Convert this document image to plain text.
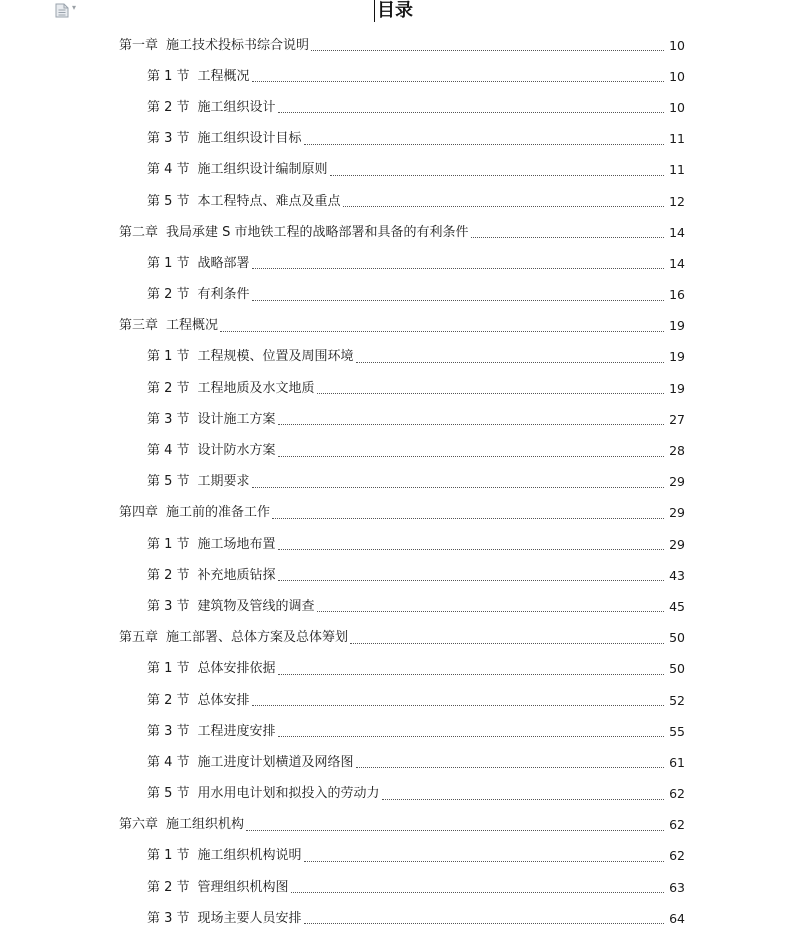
▾	目录
第一章 施工技术投标书综合说明	10
第 1 节 工程概况	10
第 2 节 施工组织设计	10
第 3 节 施工组织设计目标	11
第 4 节 施工组织设计编制原则	11
第 5 节 本工程特点、难点及重点	12
第二章 我局承建 S 市地铁工程的战略部署和具备的有利条件	14
第 1 节 战略部署	14
第 2 节 有利条件	16
第三章 工程概况	19
第 1 节 工程规模、位置及周围环境	19
第 2 节 工程地质及水文地质	19
第 3 节 设计施工方案	27
第 4 节 设计防水方案	28
第 5 节 工期要求	29
第四章 施工前的准备工作	29
第 1 节 施工场地布置	29
第 2 节 补充地质钻探	43
第 3 节 建筑物及管线的调查	45
第五章 施工部署、总体方案及总体筹划	50
第 1 节 总体安排依据	50
第 2 节 总体安排	52
第 3 节 工程进度安排	55
第 4 节 施工进度计划横道及网络图	61
第 5 节 用水用电计划和拟投入的劳动力	62
第六章 施工组织机构	62
第 1 节 施工组织机构说明	62
第 2 节 管理组织机构图	63
第 3 节 现场主要人员安排	64
